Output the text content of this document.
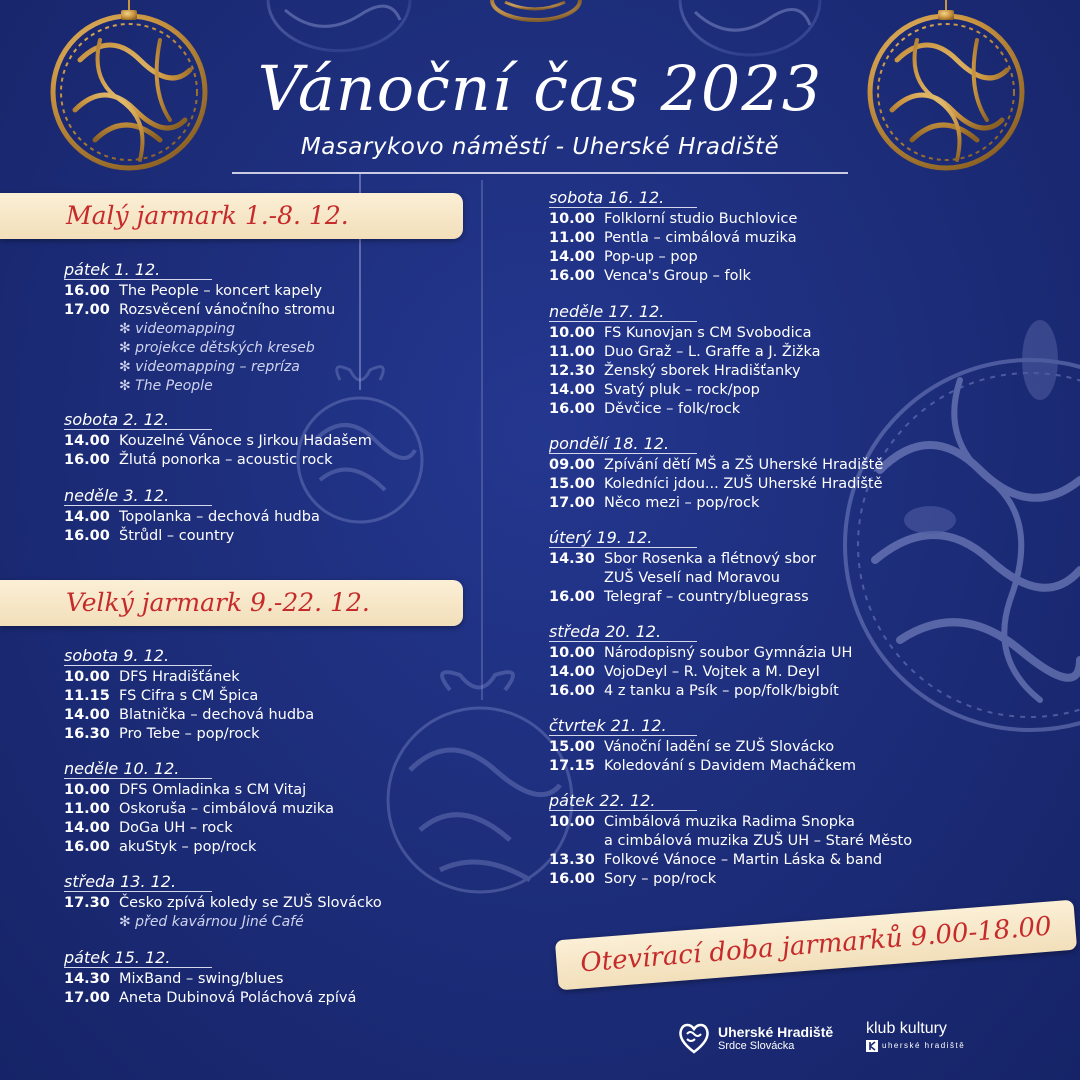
Vánoční čas 2023
Masarykovo náměstí - Uherské Hradiště
Malý jarmark 1.-8. 12.
Velký jarmark 9.-22. 12.
Otevírací doba jarmarků 9.00-18.00
pátek 1. 12.
16.00 The People – koncert kapely
17.00 Rozsvěcení vánočního stromu
✻ videomapping
✻ projekce dětských kreseb
✻ videomapping – repríza
✻ The People
sobota 2. 12.
14.00 Kouzelné Vánoce s Jirkou Hadašem
16.00 Žlutá ponorka – acoustic rock
neděle 3. 12.
14.00 Topolanka – dechová hudba
16.00 Štrůdl – country
sobota 9. 12.
10.00 DFS Hradišťánek
11.15 FS Cifra s CM Špica
14.00 Blatnička – dechová hudba
16.30 Pro Tebe – pop/rock
neděle 10. 12.
10.00 DFS Omladinka s CM Vitaj
11.00 Oskoruša – cimbálová muzika
14.00 DoGa UH – rock
16.00 akuStyk – pop/rock
středa 13. 12.
17.30 Česko zpívá koledy se ZUŠ Slovácko
✻ před kavárnou Jiné Café
pátek 15. 12.
14.30 MixBand – swing/blues
17.00 Aneta Dubinová Poláchová zpívá
sobota 16. 12.
10.00 Folklorní studio Buchlovice
11.00 Pentla – cimbálová muzika
14.00 Pop-up – pop
16.00 Venca's Group – folk
neděle 17. 12.
10.00 FS Kunovjan s CM Svobodica
11.00 Duo Graž – L. Graffe a J. Žižka
12.30 Ženský sborek Hradišťanky
14.00 Svatý pluk – rock/pop
16.00 Děvčice – folk/rock
pondělí 18. 12.
09.00 Zpívání dětí MŠ a ZŠ Uherské Hradiště
15.00 Koledníci jdou... ZUŠ Uherské Hradiště
17.00 Něco mezi – pop/rock
úterý 19. 12.
14.30 Sbor Rosenka a flétnový sbor
ZUŠ Veselí nad Moravou
16.00 Telegraf – country/bluegrass
středa 20. 12.
10.00 Národopisný soubor Gymnázia UH
14.00 VojoDeyl – R. Vojtek a M. Deyl
16.00 4 z tanku a Psík – pop/folk/bigbít
čtvrtek 21. 12.
15.00 Vánoční ladění se ZUŠ Slovácko
17.15 Koledování s Davidem Macháčkem
pátek 22. 12.
10.00 Cimbálová muzika Radima Snopka
a cimbálová muzika ZUŠ UH – Staré Město
13.30 Folkové Vánoce – Martin Láska & band
16.00 Sory – pop/rock
Uherské Hradiště
Srdce Slovácka
klub kultury
uherské hradiště
